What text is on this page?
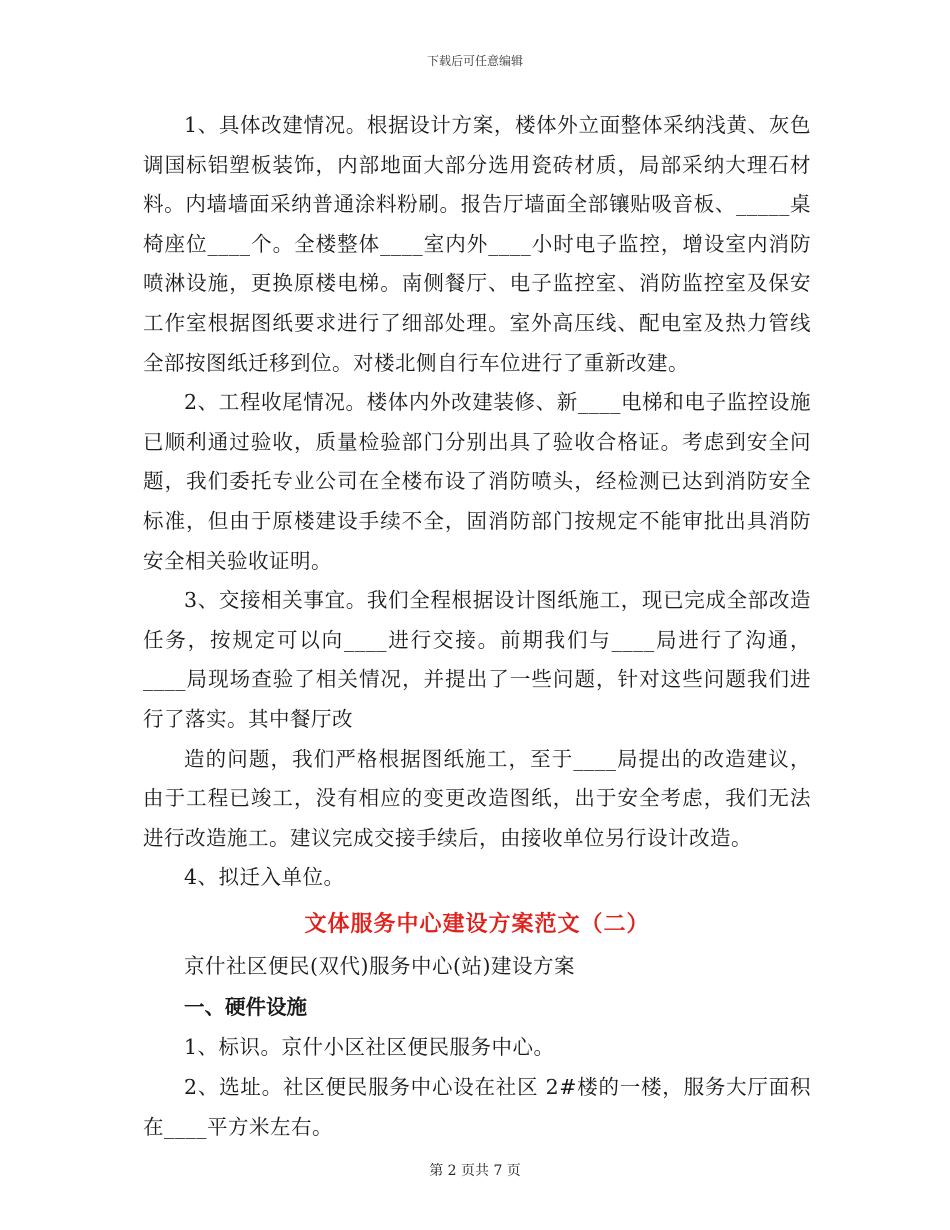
下载后可任意编辑

1、具体改建情况。根据设计方案，楼体外立面整体采纳浅黄、灰色调国标铝塑板装饰，内部地面大部分选用瓷砖材质，局部采纳大理石材料。内墙墙面采纳普通涂料粉刷。报告厅墙面全部镶贴吸音板、_____桌椅座位____个。全楼整体____室内外____小时电子监控，增设室内消防喷淋设施，更换原楼电梯。南侧餐厅、电子监控室、消防监控室及保安工作室根据图纸要求进行了细部处理。室外高压线、配电室及热力管线全部按图纸迁移到位。对楼北侧自行车位进行了重新改建。

2、工程收尾情况。楼体内外改建装修、新____电梯和电子监控设施已顺利通过验收，质量检验部门分别出具了验收合格证。考虑到安全问题，我们委托专业公司在全楼布设了消防喷头，经检测已达到消防安全标准，但由于原楼建设手续不全，固消防部门按规定不能审批出具消防安全相关验收证明。

3、交接相关事宜。我们全程根据设计图纸施工，现已完成全部改造任务，按规定可以向____进行交接。前期我们与____局进行了沟通，____局现场查验了相关情况，并提出了一些问题，针对这些问题我们进行了落实。其中餐厅改

造的问题，我们严格根据图纸施工，至于____局提出的改造建议，由于工程已竣工，没有相应的变更改造图纸，出于安全考虑，我们无法进行改造施工。建议完成交接手续后，由接收单位另行设计改造。

4、拟迁入单位。

文体服务中心建设方案范文（二）

京什社区便民(双代)服务中心(站)建设方案

一、硬件设施

1、标识。京什小区社区便民服务中心。

2、选址。社区便民服务中心设在社区 2#楼的一楼，服务大厅面积在____平方米左右。

第 2 页共 7 页
